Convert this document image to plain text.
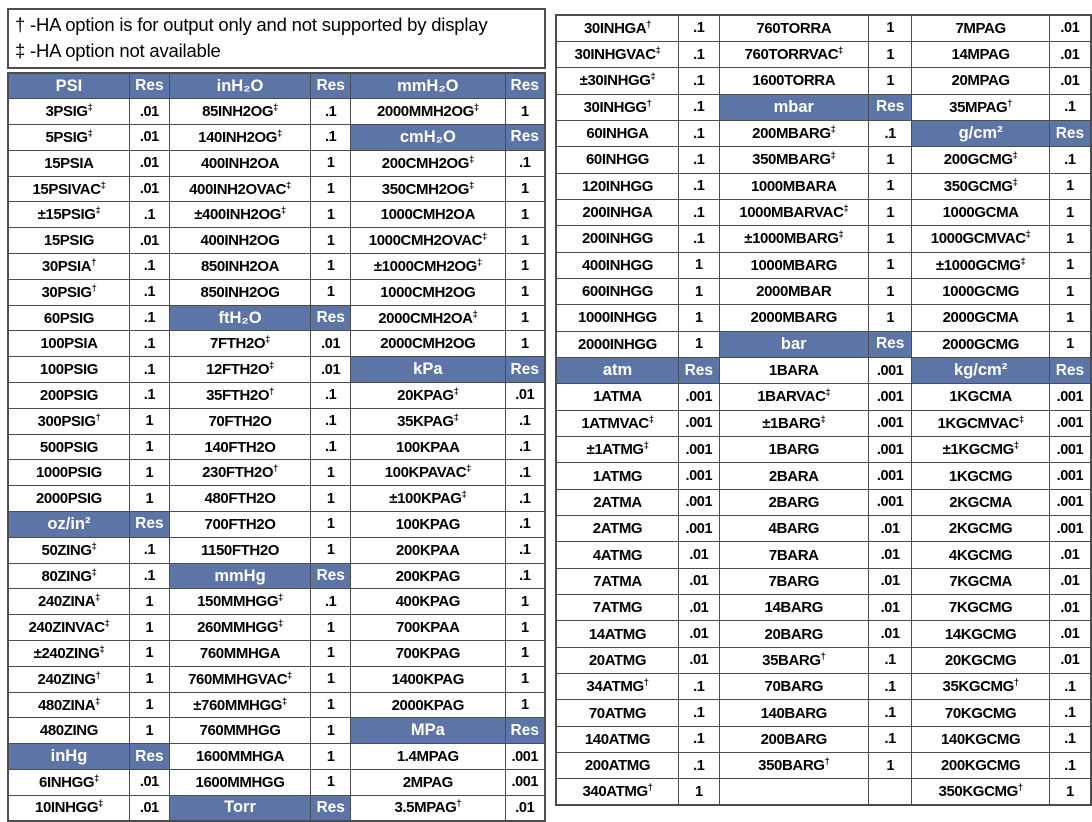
† -HA option is for output only and not supported by display
‡ -HA option not available
PSI	Res	inH₂O	Res	mmH₂O	Res
3PSIG‡	.01	85INH2OG‡	.1	2000MMH2OG‡	1
5PSIG‡	.01	140INH2OG‡	.1	cmH₂O	Res
15PSIA	.01	400INH2OA	1	200CMH2OG‡	.1
15PSIVAC‡	.01	400INH2OVAC‡	1	350CMH2OG‡	1
±15PSIG‡	.1	±400INH2OG‡	1	1000CMH2OA	1
15PSIG	.01	400INH2OG	1	1000CMH2OVAC‡	1
30PSIA†	.1	850INH2OA	1	±1000CMH2OG‡	1
30PSIG†	.1	850INH2OG	1	1000CMH2OG	1
60PSIG	.1	ftH₂O	Res	2000CMH2OA‡	1
100PSIA	.1	7FTH2O‡	.01	2000CMH2OG	1
100PSIG	.1	12FTH2O‡	.01	kPa	Res
200PSIG	.1	35FTH2O†	.1	20KPAG‡	.01
300PSIG†	1	70FTH2O	.1	35KPAG‡	.1
500PSIG	1	140FTH2O	.1	100KPAA	.1
1000PSIG	1	230FTH2O†	1	100KPAVAC‡	.1
2000PSIG	1	480FTH2O	1	±100KPAG‡	.1
oz/in²	Res	700FTH2O	1	100KPAG	.1
50ZING‡	.1	1150FTH2O	1	200KPAA	.1
80ZING‡	.1	mmHg	Res	200KPAG	.1
240ZINA‡	1	150MMHGG‡	.1	400KPAG	1
240ZINVAC‡	1	260MMHGG‡	1	700KPAA	1
±240ZING‡	1	760MMHGA	1	700KPAG	1
240ZING†	1	760MMHGVAC‡	1	1400KPAG	1
480ZINA‡	1	±760MMHGG‡	1	2000KPAG	1
480ZING	1	760MMHGG	1	MPa	Res
inHg	Res	1600MMHGA	1	1.4MPAG	.001
6INHGG‡	.01	1600MMHGG	1	2MPAG	.001
10INHGG‡	.01	Torr	Res	3.5MPAG†	.01
30INHGA†	.1	760TORRA	1	7MPAG	.01
30INHGVAC‡	.1	760TORRVAC‡	1	14MPAG	.01
±30INHGG‡	.1	1600TORRA	1	20MPAG	.01
30INHGG†	.1	mbar	Res	35MPAG†	.1
60INHGA	.1	200MBARG‡	.1	g/cm²	Res
60INHGG	.1	350MBARG‡	1	200GCMG‡	.1
120INHGG	.1	1000MBARA	1	350GCMG‡	1
200INHGA	.1	1000MBARVAC‡	1	1000GCMA	1
200INHGG	.1	±1000MBARG‡	1	1000GCMVAC‡	1
400INHGG	1	1000MBARG	1	±1000GCMG‡	1
600INHGG	1	2000MBAR	1	1000GCMG	1
1000INHGG	1	2000MBARG	1	2000GCMA	1
2000INHGG	1	bar	Res	2000GCMG	1
atm	Res	1BARA	.001	kg/cm²	Res
1ATMA	.001	1BARVAC‡	.001	1KGCMA	.001
1ATMVAC‡	.001	±1BARG‡	.001	1KGCMVAC‡	.001
±1ATMG‡	.001	1BARG	.001	±1KGCMG‡	.001
1ATMG	.001	2BARA	.001	1KGCMG	.001
2ATMA	.001	2BARG	.001	2KGCMA	.001
2ATMG	.001	4BARG	.01	2KGCMG	.001
4ATMG	.01	7BARA	.01	4KGCMG	.01
7ATMA	.01	7BARG	.01	7KGCMA	.01
7ATMG	.01	14BARG	.01	7KGCMG	.01
14ATMG	.01	20BARG	.01	14KGCMG	.01
20ATMG	.01	35BARG†	.1	20KGCMG	.01
34ATMG†	.1	70BARG	.1	35KGCMG†	.1
70ATMG	.1	140BARG	.1	70KGCMG	.1
140ATMG	.1	200BARG	.1	140KGCMG	.1
200ATMG	.1	350BARG†	1	200KGCMG	.1
340ATMG†	1			350KGCMG†	1
